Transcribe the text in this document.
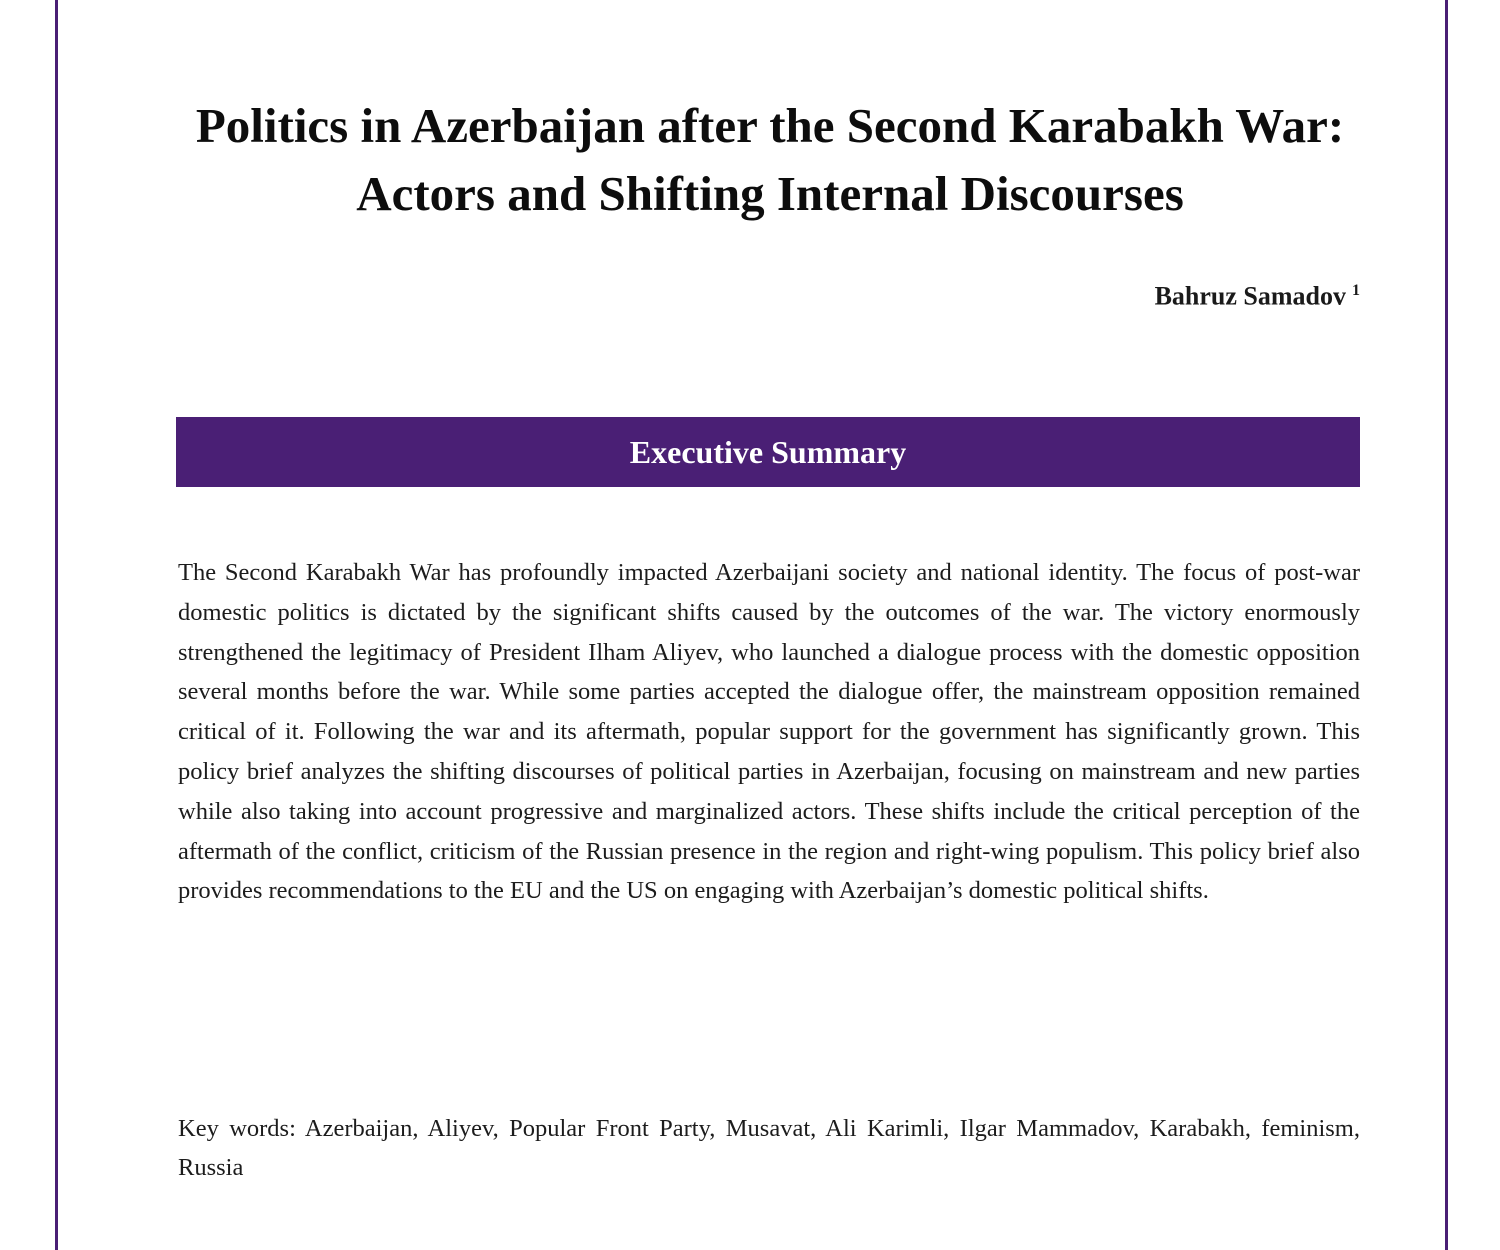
Politics in Azerbaijan after the Second Karabakh War: Actors and Shifting Internal Discourses
Bahruz Samadov $^1$
Executive Summary

The Second Karabakh War has profoundly impacted Azerbaijani society and national identity. The focus of post-war domestic politics is dictated by the significant shifts caused by the outcomes of the war. The victory enormously strengthened the legitimacy of President Ilham Aliyev, who launched a dialogue process with the domestic opposition several months before the war. While some parties accepted the dialogue offer, the mainstream opposition remained critical of it. Following the war and its aftermath, popular support for the government has significantly grown. This policy brief analyzes the shifting discourses of political parties in Azerbaijan, focusing on mainstream and new parties while also taking into account progressive and marginalized actors. These shifts include the critical perception of the aftermath of the conflict, criticism of the Russian presence in the region and right-wing populism. This policy brief also provides recommendations to the EU and the US on engaging with Azerbaijan’s domestic political shifts.

Key words: Azerbaijan, Aliyev, Popular Front Party, Musavat, Ali Karimli, Ilgar Mammadov, Karabakh, feminism, Russia
